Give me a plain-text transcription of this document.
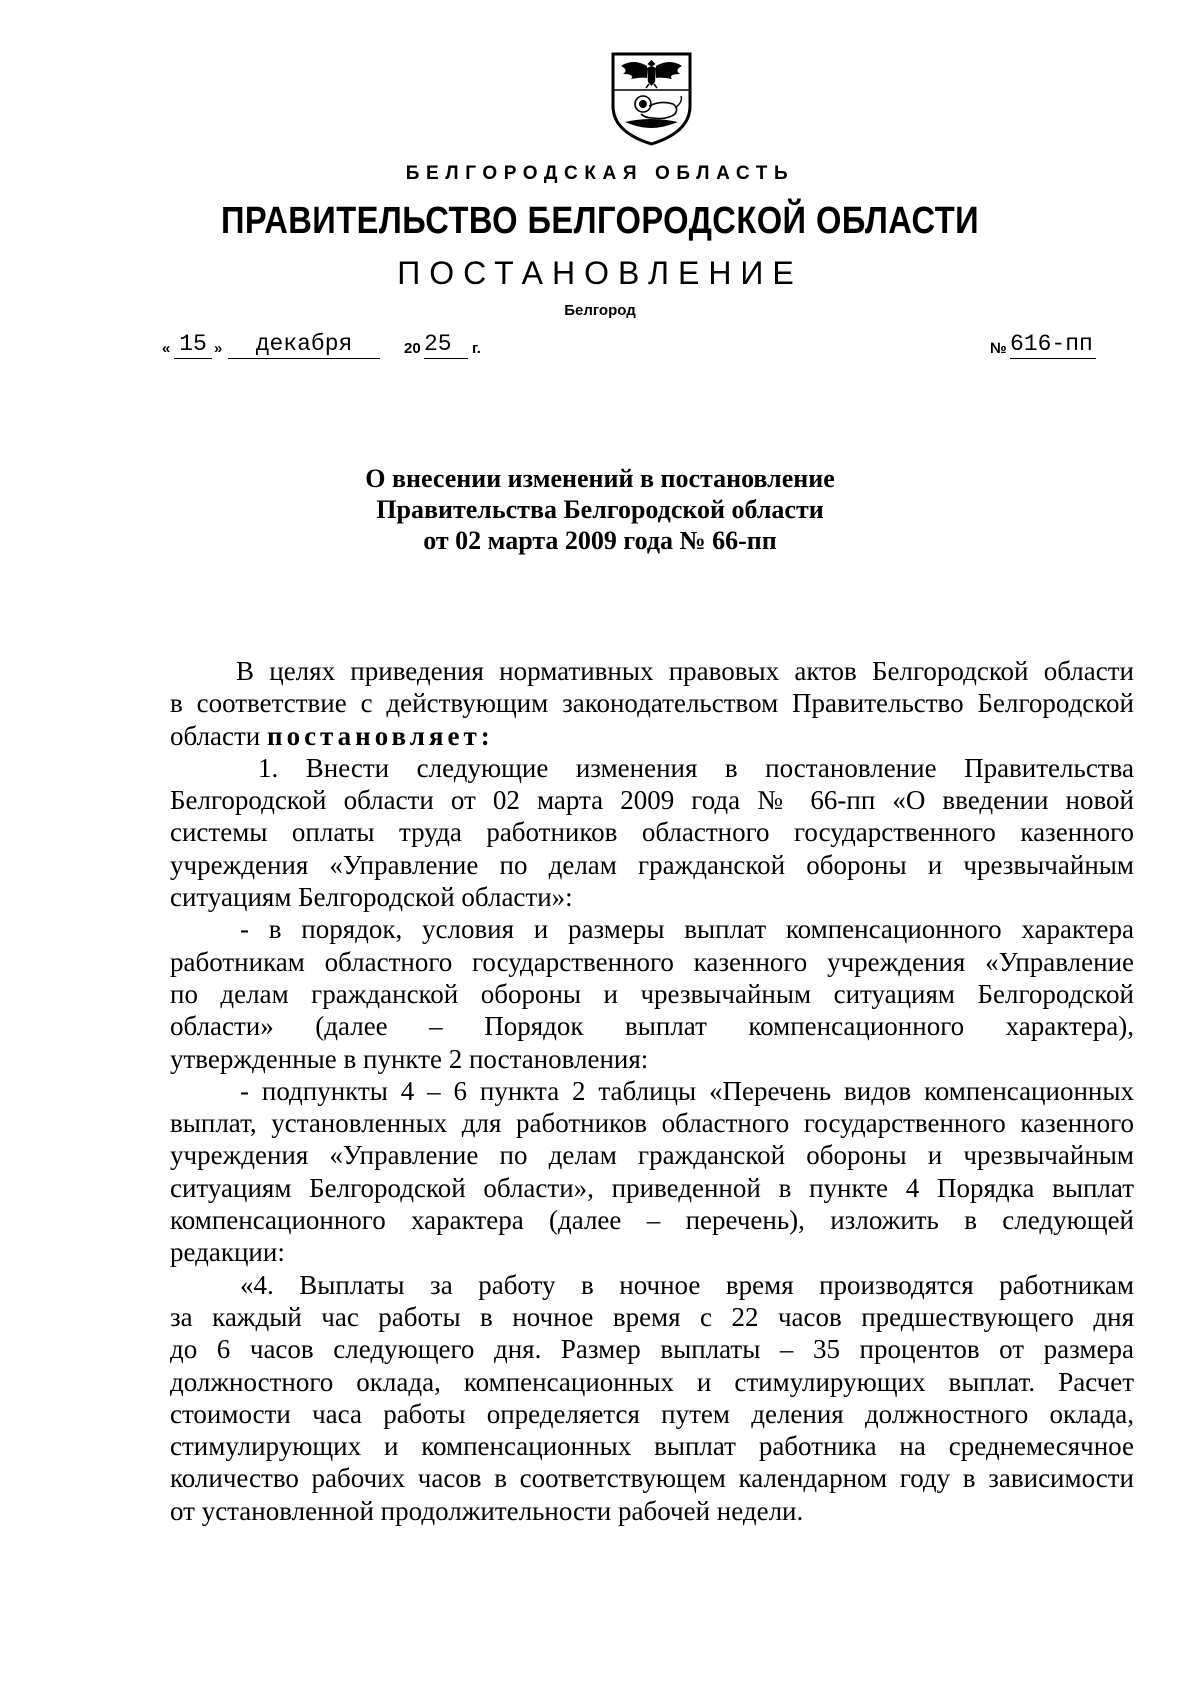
БЕЛГОРОДСКАЯ ОБЛАСТЬ
ПРАВИТЕЛЬСТВО БЕЛГОРОДСКОЙ ОБЛАСТИ
ПОСТАНОВЛЕНИЕ
Белгород
« 15 »	декабря	20 25	г.	№ 616-пп
О внесении изменений в постановление
Правительства Белгородской области
от 02 марта 2009 года № 66-пп

В целях приведения нормативных правовых актов Белгородской области

в соответствие с действующим законодательством Правительство Белгородской

области постановляет:

1. Внести следующие изменения в постановление Правительства

Белгородской области от 02 марта 2009 года № 66-пп «О введении новой

системы оплаты труда работников областного государственного казенного

учреждения «Управление по делам гражданской обороны и чрезвычайным

ситуациям Белгородской области»:

- в порядок, условия и размеры выплат компенсационного характера

работникам областного государственного казенного учреждения «Управление

по делам гражданской обороны и чрезвычайным ситуациям Белгородской

области» (далее – Порядок выплат компенсационного характера),

утвержденные в пункте 2 постановления:

- подпункты 4 – 6 пункта 2 таблицы «Перечень видов компенсационных

выплат, установленных для работников областного государственного казенного

учреждения «Управление по делам гражданской обороны и чрезвычайным

ситуациям Белгородской области», приведенной в пункте 4 Порядка выплат

компенсационного характера (далее – перечень), изложить в следующей

редакции:

«4. Выплаты за работу в ночное время производятся работникам

за каждый час работы в ночное время с 22 часов предшествующего дня

до 6 часов следующего дня. Размер выплаты – 35 процентов от размера

должностного оклада, компенсационных и стимулирующих выплат. Расчет

стоимости часа работы определяется путем деления должностного оклада,

стимулирующих и компенсационных выплат работника на среднемесячное

количество рабочих часов в соответствующем календарном году в зависимости

от установленной продолжительности рабочей недели.
